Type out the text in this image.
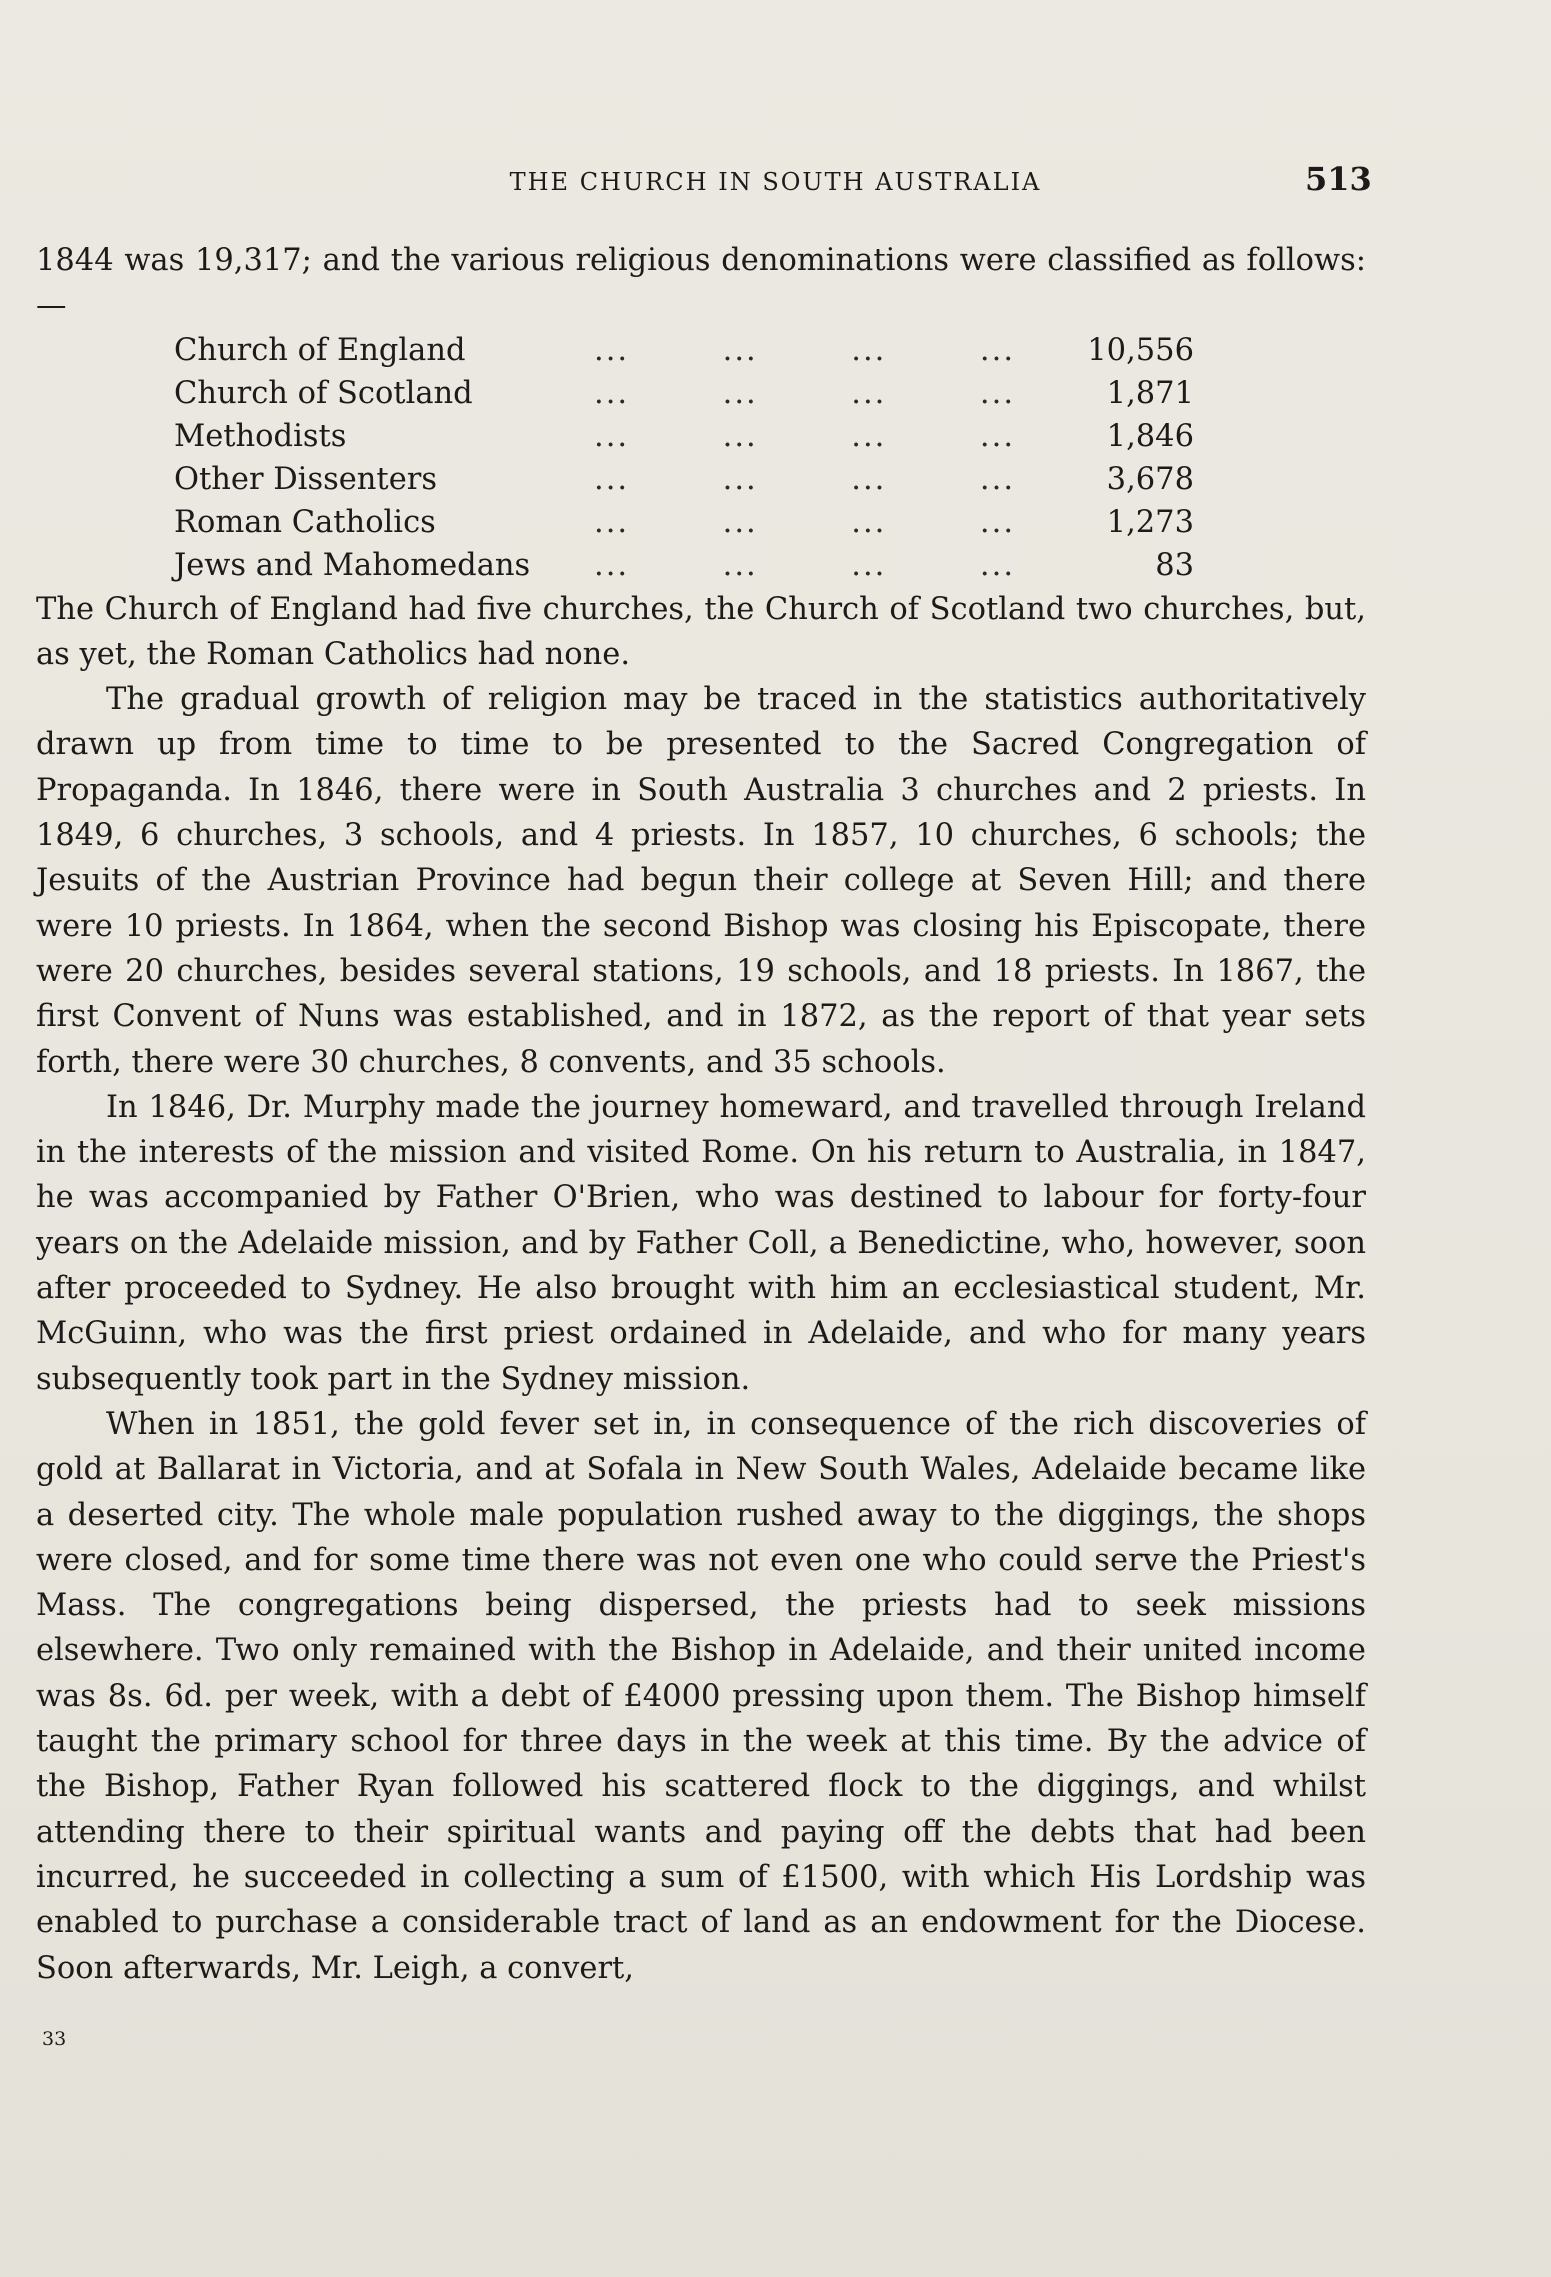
THE CHURCH IN SOUTH AUSTRALIA	513

1844 was 19,317; and the various religious denominations were classified as follows:—

Church of England	...        ...        ...        ...	10,556
Church of Scotland	...        ...        ...        ...	1,871
Methodists	...        ...        ...        ...	1,846
Other Dissenters	...        ...        ...        ...	3,678
Roman Catholics	...        ...        ...        ...	1,273
Jews and Mahomedans	...        ...        ...        ...	83

The Church of England had five churches, the Church of Scotland two churches, but, as yet, the Roman Catholics had none.

The gradual growth of religion may be traced in the statistics authoritatively drawn up from time to time to be presented to the Sacred Congregation of Propaganda. In 1846, there were in South Australia 3 churches and 2 priests. In 1849, 6 churches, 3 schools, and 4 priests. In 1857, 10 churches, 6 schools; the Jesuits of the Austrian Province had begun their college at Seven Hill; and there were 10 priests. In 1864, when the second Bishop was closing his Episcopate, there were 20 churches, besides several stations, 19 schools, and 18 priests. In 1867, the first Convent of Nuns was established, and in 1872, as the report of that year sets forth, there were 30 churches, 8 convents, and 35 schools.

In 1846, Dr. Murphy made the journey homeward, and travelled through Ireland in the interests of the mission and visited Rome. On his return to Australia, in 1847, he was accompanied by Father O'Brien, who was destined to labour for forty-four years on the Adelaide mission, and by Father Coll, a Benedictine, who, however, soon after proceeded to Sydney. He also brought with him an ecclesiastical student, Mr. McGuinn, who was the first priest ordained in Adelaide, and who for many years subsequently took part in the Sydney mission.

When in 1851, the gold fever set in, in consequence of the rich discoveries of gold at Ballarat in Victoria, and at Sofala in New South Wales, Adelaide became like a deserted city. The whole male population rushed away to the diggings, the shops were closed, and for some time there was not even one who could serve the Priest's Mass. The congregations being dispersed, the priests had to seek missions elsewhere. Two only remained with the Bishop in Adelaide, and their united income was 8s. 6d. per week, with a debt of £4000 pressing upon them. The Bishop himself taught the primary school for three days in the week at this time. By the advice of the Bishop, Father Ryan followed his scattered flock to the diggings, and whilst attending there to their spiritual wants and paying off the debts that had been incurred, he succeeded in collecting a sum of £1500, with which His Lordship was enabled to purchase a considerable tract of land as an endowment for the Diocese. Soon afterwards, Mr. Leigh, a convert,

33
